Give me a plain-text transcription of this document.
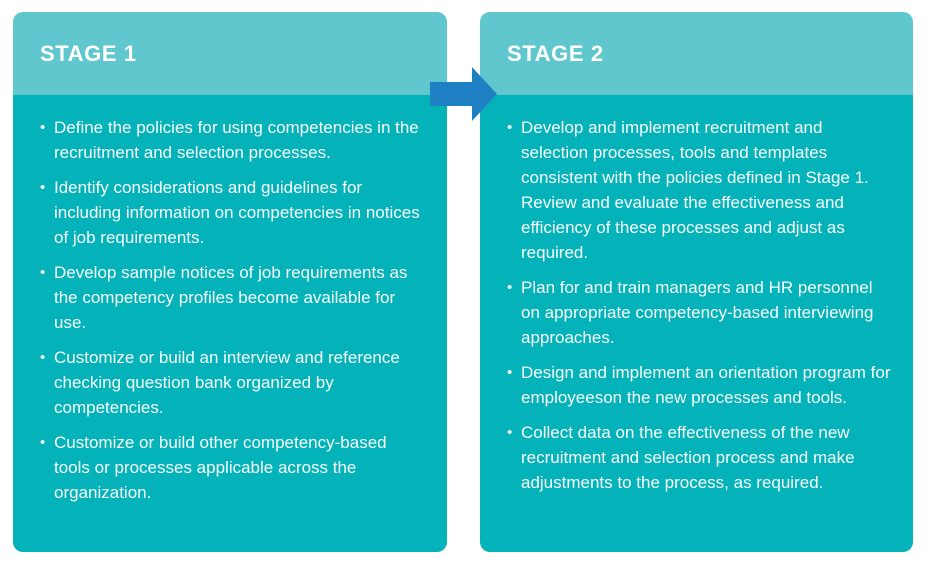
STAGE 1
• Define the policies for using competencies in the recruitment and selection processes.
• Identify considerations and guidelines for including information on competencies in notices of job requirements.
• Develop sample notices of job requirements as the competency profiles become available for use.
• Customize or build an interview and reference checking question bank organized by competencies.
• Customize or build other competency-based tools or processes applicable across the organization.
STAGE 2
• Develop and implement recruitment and selection processes, tools and templates consistent with the policies defined in Stage 1. Review and evaluate the effectiveness and efficiency of these processes and adjust as required.
• Plan for and train managers and HR personnel on appropriate competency-based interviewing approaches.
• Design and implement an orientation program for employeeson the new processes and tools.
• Collect data on the effectiveness of the new recruitment and selection process and make adjustments to the process, as required.
